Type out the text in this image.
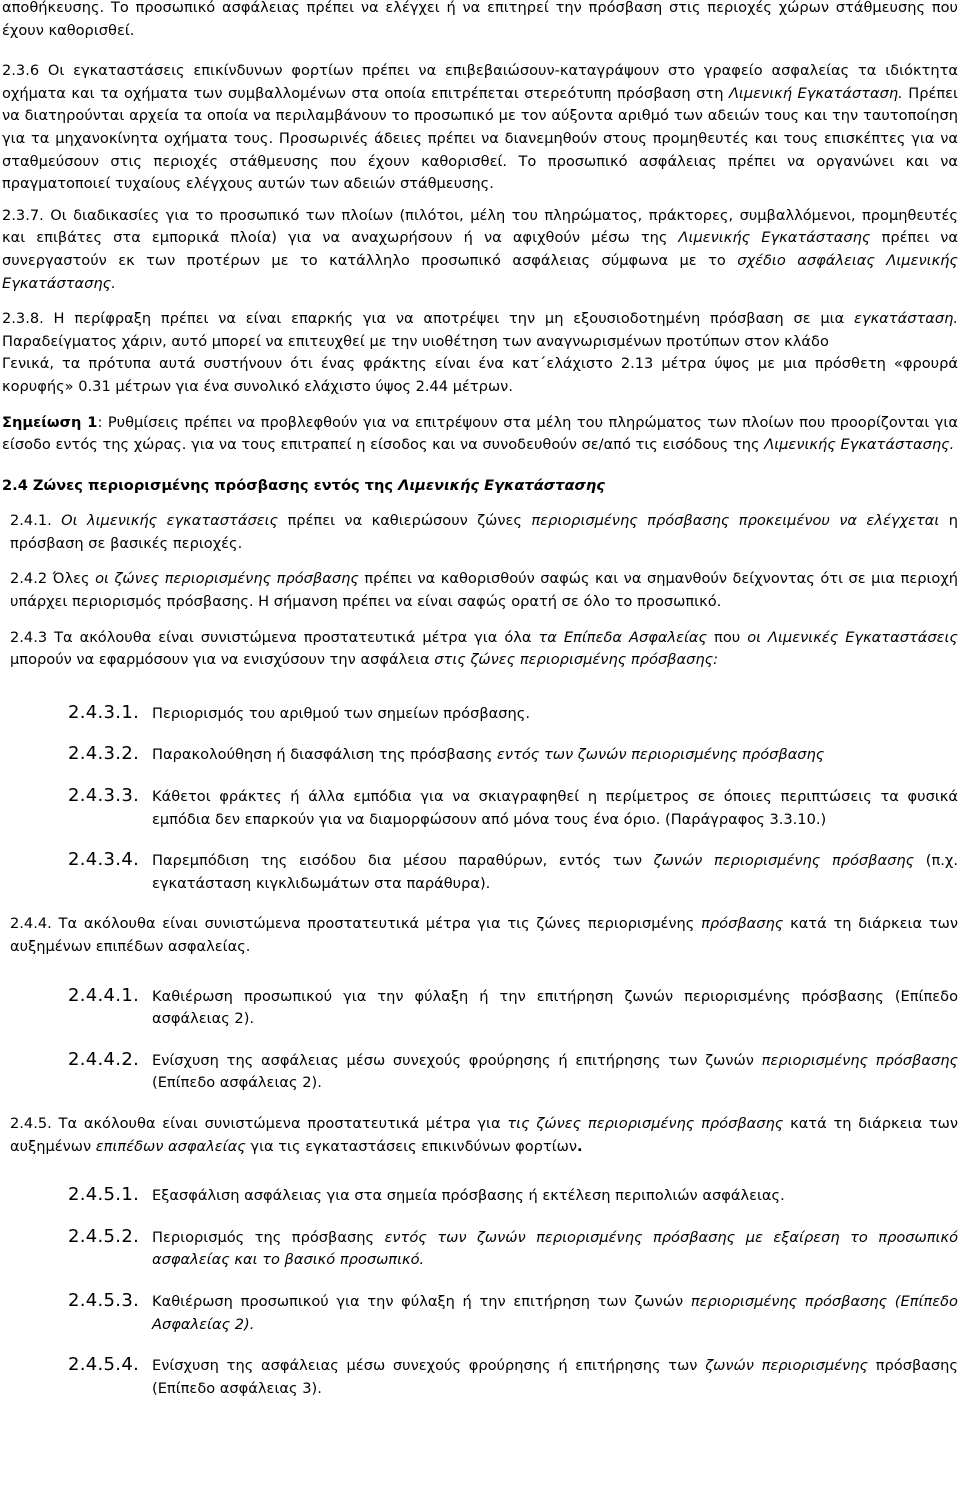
αποθήκευσης. Το προσωπικό ασφάλειας πρέπει να ελέγχει ή να επιτηρεί την πρόσβαση στις περιοχές χώρων στάθμευσης που έχουν καθορισθεί.

2.3.6 Οι εγκαταστάσεις επικίνδυνων φορτίων πρέπει να επιβεβαιώσουν-καταγράψουν στο γραφείο ασφαλείας τα ιδιόκτητα οχήματα και τα οχήματα των συμβαλλομένων στα οποία επιτρέπεται στερεότυπη πρόσβαση στη Λιμενική Εγκατάσταση. Πρέπει να διατηρούνται αρχεία τα οποία να περιλαμβάνουν το προσωπικό με τον αύξοντα αριθμό των αδειών τους και την ταυτοποίηση για τα μηχανοκίνητα οχήματα τους. Προσωρινές άδειες πρέπει να διανεμηθούν στους προμηθευτές και τους επισκέπτες για να σταθμεύσουν στις περιοχές στάθμευσης που έχουν καθορισθεί. Το προσωπικό ασφάλειας πρέπει να οργανώνει και να πραγματοποιεί τυχαίους ελέγχους αυτών των αδειών στάθμευσης.

2.3.7. Οι διαδικασίες για το προσωπικό των πλοίων (πιλότοι, μέλη του πληρώματος, πράκτορες, συμβαλλόμενοι, προμηθευτές και επιβάτες στα εμπορικά πλοία) για να αναχωρήσουν ή να αφιχθούν μέσω της Λιμενικής Εγκατάστασης πρέπει να συνεργαστούν εκ των προτέρων με το κατάλληλο προσωπικό ασφάλειας σύμφωνα με το σχέδιο ασφάλειας Λιμενικής Εγκατάστασης.

2.3.8. Η περίφραξη πρέπει να είναι επαρκής για να αποτρέψει την μη εξουσιοδοτημένη πρόσβαση σε μια εγκατάσταση. Παραδείγματος χάριν, αυτό μπορεί να επιτευχθεί με την υιοθέτηση των αναγνωρισμένων προτύπων στον κλάδο

Γενικά, τα πρότυπα αυτά συστήνουν ότι ένας φράκτης είναι ένα κατ΄ελάχιστο 2.13 μέτρα ύψος με μια πρόσθετη «φρουρά κορυφής» 0.31 μέτρων για ένα συνολικό ελάχιστο ύψος 2.44 μέτρων.

Σημείωση 1: Ρυθμίσεις πρέπει να προβλεφθούν για να επιτρέψουν στα μέλη του πληρώματος των πλοίων που προορίζονται για είσοδο εντός της χώρας. για να τους επιτραπεί η είσοδος και να συνοδευθούν σε/από τις εισόδους της Λιμενικής Εγκατάστασης.

2.4 Ζώνες περιορισμένης πρόσβασης εντός της Λιμενικής Εγκατάστασης

2.4.1. Οι λιμενικής εγκαταστάσεις πρέπει να καθιερώσουν ζώνες περιορισμένης πρόσβασης προκειμένου να ελέγχεται η πρόσβαση σε βασικές περιοχές.

2.4.2 Όλες οι ζώνες περιορισμένης πρόσβασης πρέπει να καθορισθούν σαφώς και να σημανθούν δείχνοντας ότι σε μια περιοχή υπάρχει περιορισμός πρόσβασης. Η σήμανση πρέπει να είναι σαφώς ορατή σε όλο το προσωπικό.

2.4.3 Τα ακόλουθα είναι συνιστώμενα προστατευτικά μέτρα για όλα τα Επίπεδα Ασφαλείας που οι Λιμενικές Εγκαταστάσεις μπορούν να εφαρμόσουν για να ενισχύσουν την ασφάλεια στις ζώνες περιορισμένης πρόσβασης:

2.4.3.1. Περιορισμός του αριθμού των σημείων πρόσβασης.
2.4.3.2. Παρακολούθηση ή διασφάλιση της πρόσβασης εντός των ζωνών περιορισμένης πρόσβασης
2.4.3.3. Κάθετοι φράκτες ή άλλα εμπόδια για να σκιαγραφηθεί η περίμετρος σε όποιες περιπτώσεις τα φυσικά εμπόδια δεν επαρκούν για να διαμορφώσουν από μόνα τους ένα όριο. (Παράγραφος 3.3.10.)
2.4.3.4. Παρεμπόδιση της εισόδου δια μέσου παραθύρων, εντός των ζωνών περιορισμένης πρόσβασης (π.χ. εγκατάσταση κιγκλιδωμάτων στα παράθυρα).

2.4.4. Τα ακόλουθα είναι συνιστώμενα προστατευτικά μέτρα για τις ζώνες περιορισμένης πρόσβασης κατά τη διάρκεια των αυξημένων επιπέδων ασφαλείας.

2.4.4.1. Καθιέρωση προσωπικού για την φύλαξη ή την επιτήρηση ζωνών περιορισμένης πρόσβασης (Επίπεδο ασφάλειας 2).
2.4.4.2. Ενίσχυση της ασφάλειας μέσω συνεχούς φρούρησης ή επιτήρησης των ζωνών περιορισμένης πρόσβασης (Επίπεδο ασφάλειας 2).

2.4.5. Τα ακόλουθα είναι συνιστώμενα προστατευτικά μέτρα για τις ζώνες περιορισμένης πρόσβασης κατά τη διάρκεια των αυξημένων επιπέδων ασφαλείας για τις εγκαταστάσεις επικινδύνων φορτίων.

2.4.5.1. Εξασφάλιση ασφάλειας για στα σημεία πρόσβασης ή εκτέλεση περιπολιών ασφάλειας.
2.4.5.2. Περιορισμός της πρόσβασης εντός των ζωνών περιορισμένης πρόσβασης με εξαίρεση το προσωπικό ασφαλείας και το βασικό προσωπικό.
2.4.5.3. Καθιέρωση προσωπικού για την φύλαξη ή την επιτήρηση των ζωνών περιορισμένης πρόσβασης (Επίπεδο Ασφαλείας 2).
2.4.5.4. Ενίσχυση της ασφάλειας μέσω συνεχούς φρούρησης ή επιτήρησης των ζωνών περιορισμένης πρόσβασης (Επίπεδο ασφάλειας 3).
